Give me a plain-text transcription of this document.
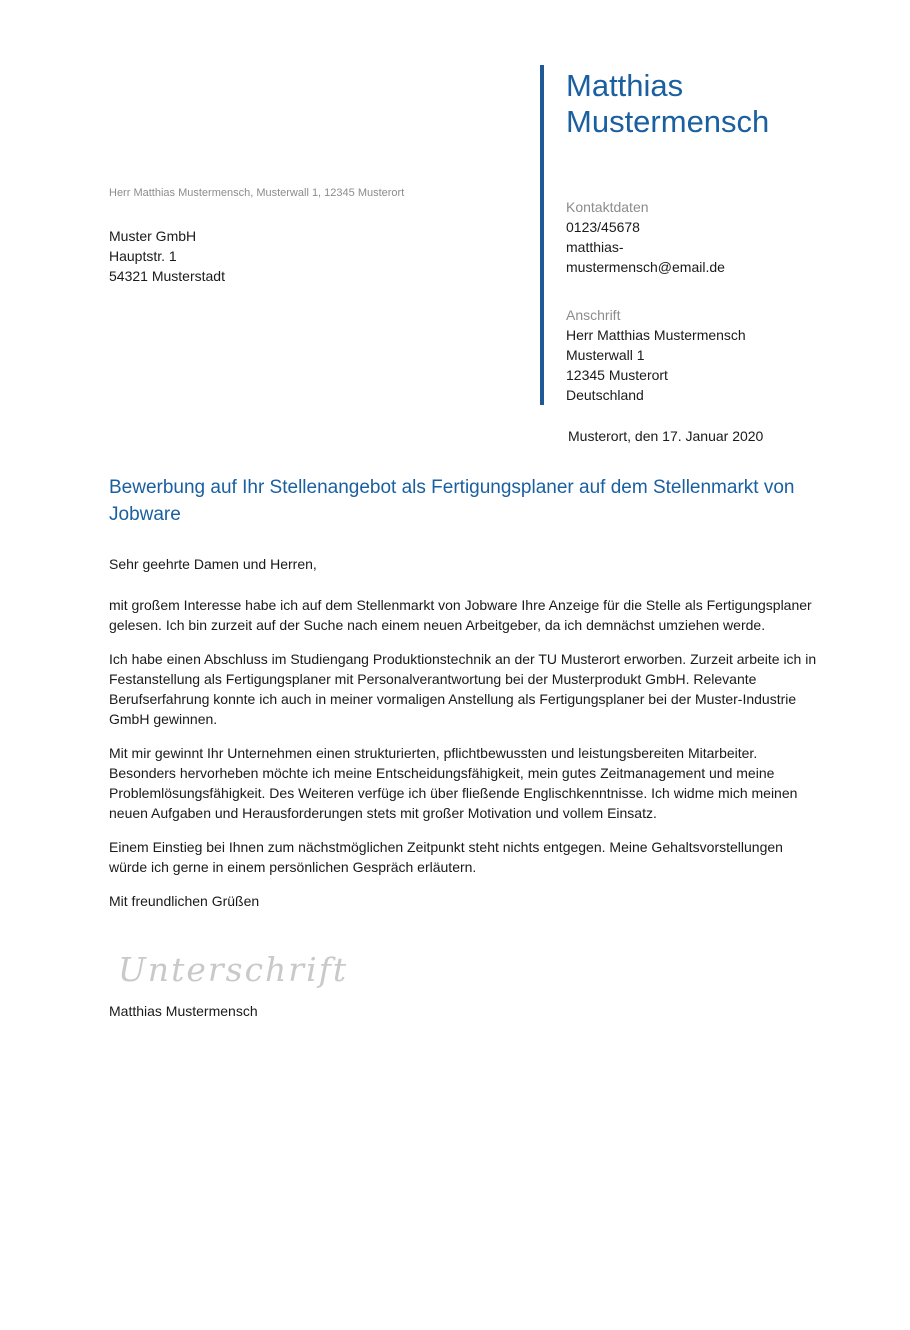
Matthias
Mustermensch
Kontaktdaten
0123/45678
matthias-
mustermensch@email.de
Anschrift
Herr Matthias Mustermensch
Musterwall 1
12345 Musterort
Deutschland
Herr Matthias Mustermensch, Musterwall 1, 12345 Musterort
Muster GmbH
Hauptstr. 1
54321 Musterstadt
Musterort, den 17. Januar 2020
Bewerbung auf Ihr Stellenangebot als Fertigungsplaner auf dem Stellenmarkt von Jobware
Sehr geehrte Damen und Herren,

mit großem Interesse habe ich auf dem Stellenmarkt von Jobware Ihre Anzeige für die Stelle als Fertigungsplaner gelesen. Ich bin zurzeit auf der Suche nach einem neuen Arbeitgeber, da ich demnächst umziehen werde.

Ich habe einen Abschluss im Studiengang Produktionstechnik an der TU Musterort erworben. Zurzeit arbeite ich in Festanstellung als Fertigungsplaner mit Personalverantwortung bei der Musterprodukt GmbH. Relevante Berufserfahrung konnte ich auch in meiner vormaligen Anstellung als Fertigungsplaner bei der Muster-Industrie GmbH gewinnen.

Mit mir gewinnt Ihr Unternehmen einen strukturierten, pflichtbewussten und leistungsbereiten Mitarbeiter. Besonders hervorheben möchte ich meine Entscheidungsfähigkeit, mein gutes Zeitmanagement und meine Problemlösungsfähigkeit. Des Weiteren verfüge ich über fließende Englischkenntnisse. Ich widme mich meinen neuen Aufgaben und Herausforderungen stets mit großer Motivation und vollem Einsatz.

Einem Einstieg bei Ihnen zum nächstmöglichen Zeitpunkt steht nichts entgegen. Meine Gehaltsvorstellungen würde ich gerne in einem persönlichen Gespräch erläutern.

Mit freundlichen Grüßen

Unterschrift
Matthias Mustermensch
